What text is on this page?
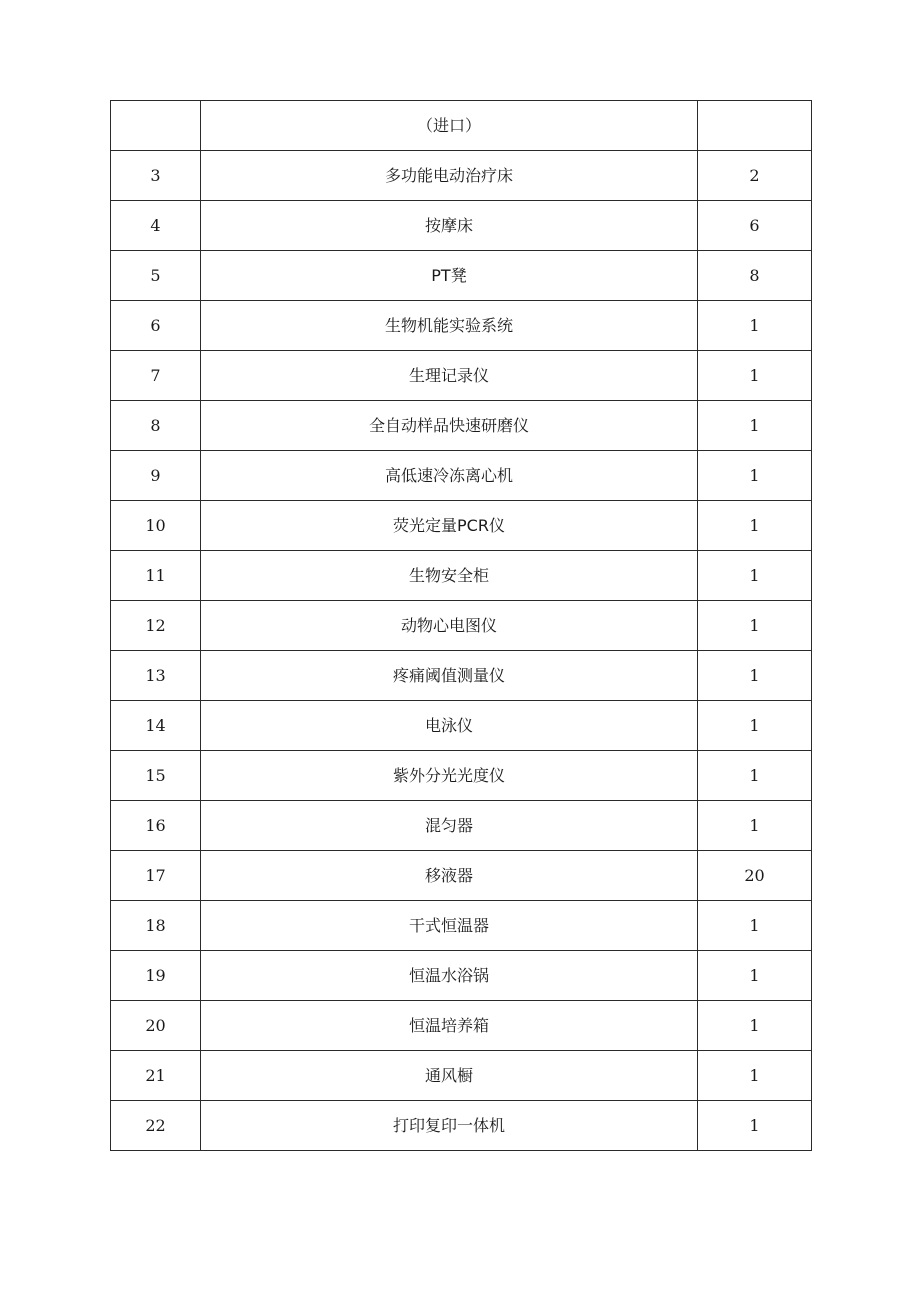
	（进口）	
3	多功能电动治疗床	2
4	按摩床	6
5	PT凳	8
6	生物机能实验系统	1
7	生理记录仪	1
8	全自动样品快速研磨仪	1
9	高低速冷冻离心机	1
10	荧光定量PCR仪	1
11	生物安全柜	1
12	动物心电图仪	1
13	疼痛阈值测量仪	1
14	电泳仪	1
15	紫外分光光度仪	1
16	混匀器	1
17	移液器	20
18	干式恒温器	1
19	恒温水浴锅	1
20	恒温培养箱	1
21	通风橱	1
22	打印复印一体机	1
